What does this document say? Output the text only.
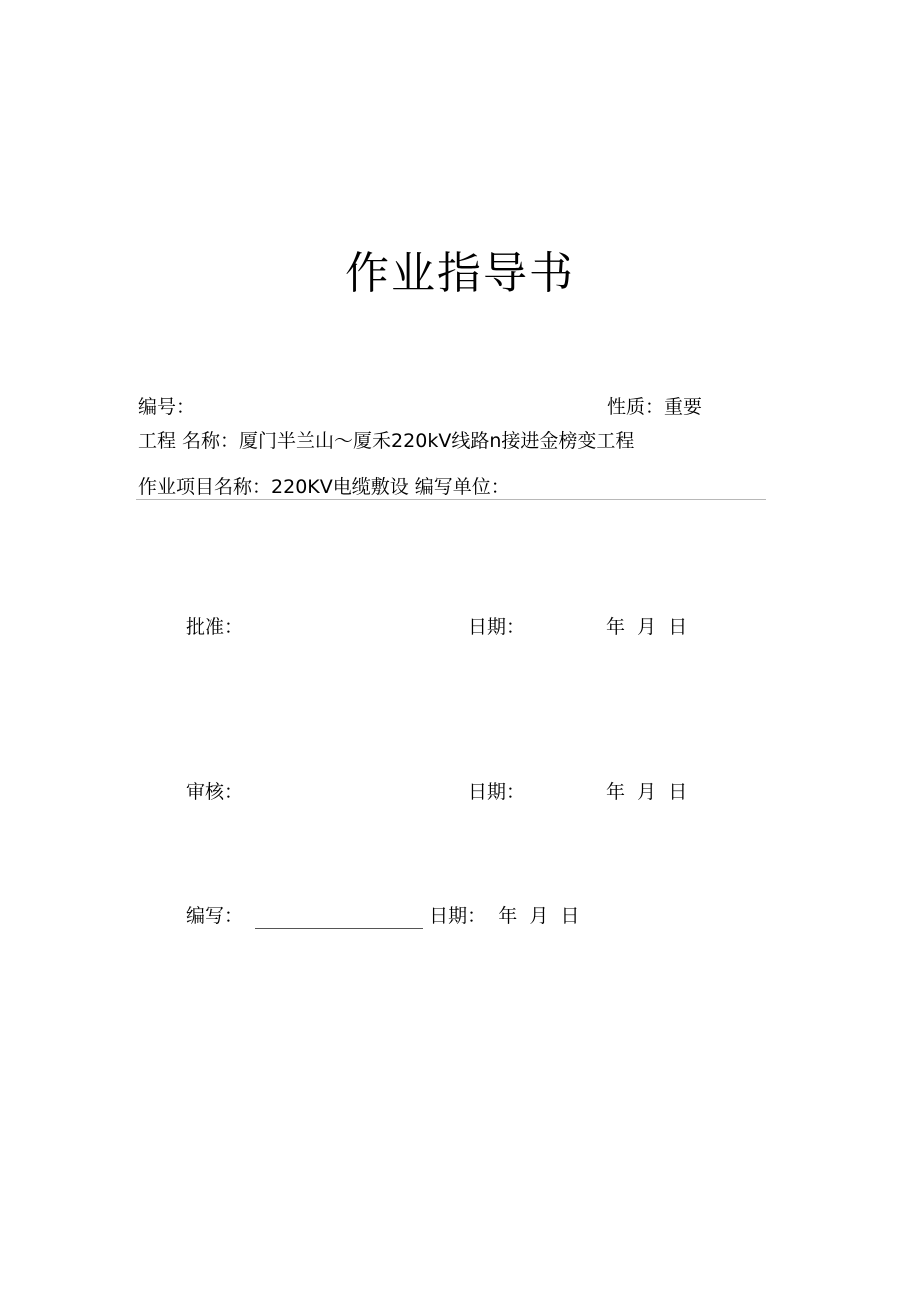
作业指导书
编号：	性质：重要
工程 名称：厦门半兰山～厦禾220kV线路n接进金榜变工程
作业项目名称：220KV电缆敷设 编写单位：
批准：	日期：	年 月 日
审核：	日期：	年 月 日
编写：	日期： 年 月 日
